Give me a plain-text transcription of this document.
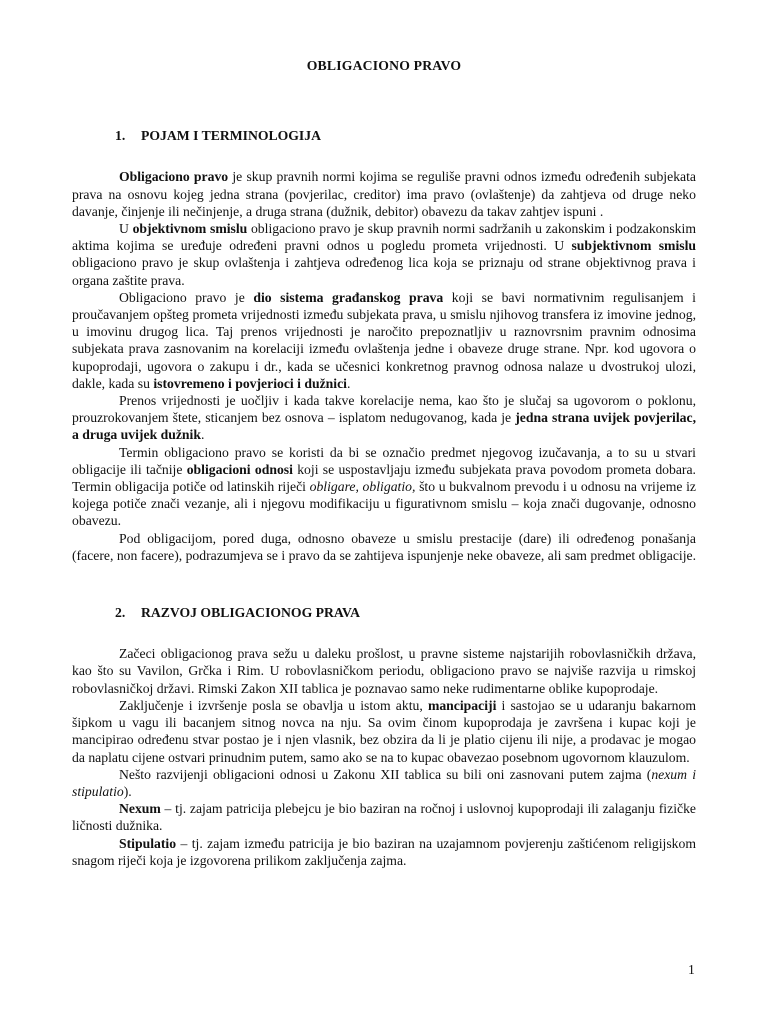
OBLIGACIONO PRAVO
1. POJAM I TERMINOLOGIJA

Obligaciono pravo je skup pravnih normi kojima se reguliše pravni odnos između određenih subjekata prava na osnovu kojeg jedna strana (povjerilac, creditor) ima pravo (ovlaštenje) da zahtjeva od druge neko davanje, činjenje ili nečinjenje, a druga strana (dužnik, debitor) obavezu da takav zahtjev ispuni .

U objektivnom smislu obligaciono pravo je skup pravnih normi sadržanih u zakonskim i podzakonskim aktima kojima se uređuje određeni pravni odnos u pogledu prometa vrijednosti. U subjektivnom smislu obligaciono pravo je skup ovlaštenja i zahtjeva određenog lica koja se priznaju od strane objektivnog prava i organa zaštite prava.

Obligaciono pravo je dio sistema građanskog prava koji se bavi normativnim regulisanjem i proučavanjem opšteg prometa vrijednosti između subjekata prava, u smislu njihovog transfera iz imovine jednog, u imovinu drugog lica. Taj prenos vrijednosti je naročito prepoznatljiv u raznovrsnim pravnim odnosima subjekata prava zasnovanim na korelaciji između ovlaštenja jedne i obaveze druge strane. Npr. kod ugovora o kupoprodaji, ugovora o zakupu i dr., kada se učesnici konkretnog pravnog odnosa nalaze u dvostrukoj ulozi, dakle, kada su istovremeno i povjerioci i dužnici.

Prenos vrijednosti je uočljiv i kada takve korelacije nema, kao što je slučaj sa ugovorom o poklonu, prouzrokovanjem štete, sticanjem bez osnova – isplatom nedugovanog, kada je jedna strana uvijek povjerilac, a druga uvijek dužnik.

Termin obligaciono pravo se koristi da bi se označio predmet njegovog izučavanja, a to su u stvari obligacije ili tačnije obligacioni odnosi koji se uspostavljaju između subjekata prava povodom prometa dobara. Termin obligacija potiče od latinskih riječi obligare, obligatio, što u bukvalnom prevodu i u odnosu na vrijeme iz kojega potiče znači vezanje, ali i njegovu modifikaciju u figurativnom smislu – koja znači dugovanje, odnosno obavezu.

Pod obligacijom, pored duga, odnosno obaveze u smislu prestacije (dare) ili određenog ponašanja (facere, non facere), podrazumjeva se i pravo da se zahtijeva ispunjenje neke obaveze, ali sam predmet obligacije.

2. RAZVOJ OBLIGACIONOG PRAVA

Začeci obligacionog prava sežu u daleku prošlost, u pravne sisteme najstarijih robovlasničkih država, kao što su Vavilon, Grčka i Rim. U robovlasničkom periodu, obligaciono pravo se najviše razvija u rimskoj robovlasničkoj državi. Rimski Zakon XII tablica je poznavao samo neke rudimentarne oblike kupoprodaje.

Zaključenje i izvršenje posla se obavlja u istom aktu, mancipaciji i sastojao se u udaranju bakarnom šipkom u vagu ili bacanjem sitnog novca na nju. Sa ovim činom kupoprodaja je završena i kupac koji je mancipirao određenu stvar postao je i njen vlasnik, bez obzira da li je platio cijenu ili nije, a prodavac je mogao da naplatu cijene ostvari prinudnim putem, samo ako se na to kupac obavezao posebnom ugovornom klauzulom.

Nešto razvijenji obligacioni odnosi u Zakonu XII tablica su bili oni zasnovani putem zajma (nexum i stipulatio).

Nexum – tj. zajam patricija plebejcu je bio baziran na ročnoj i uslovnoj kupoprodaji ili zalaganju fizičke ličnosti dužnika.

Stipulatio – tj. zajam između patricija je bio baziran na uzajamnom povjerenju zaštićenom religijskom snagom riječi koja je izgovorena prilikom zaključenja zajma.

1
